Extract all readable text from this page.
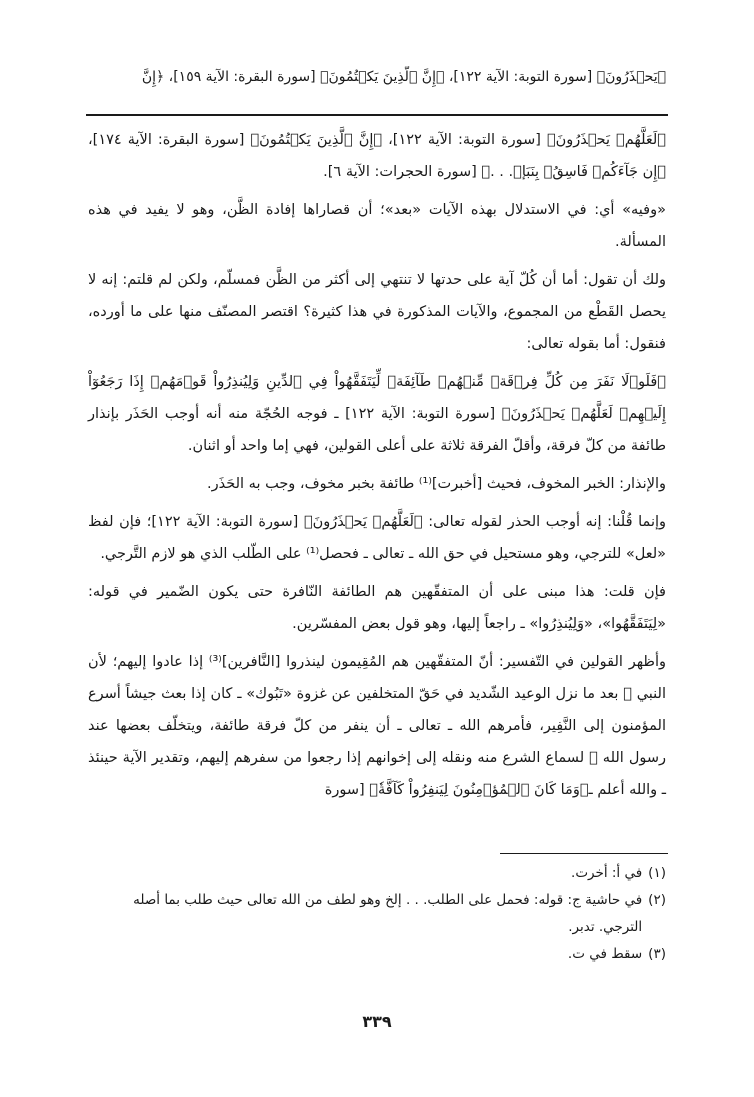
﴿يَحۡذَرُونَ﴾ [سورة التوبة: الآية ١٢٢]، ﴿إِنَّ ٱلَّذِينَ يَكۡتُمُونَ﴾ [سورة البقرة: الآية ١٥٩]، ﴿إِنَّ

﴿لَعَلَّهُمۡ يَحۡذَرُونَ﴾ [سورة التوبة: الآية ١٢٢]، ﴿إِنَّ ٱلَّذِينَ يَكۡتُمُونَ﴾ [سورة البقرة: الآية ١٧٤]، ﴿إِن جَآءَكُمۡ فَاسِقُۢ بِنَبَإٖ. . .﴾ [سورة الحجرات: الآية ٦].

«وفيه» أي: في الاستدلال بهذه الآيات «بعد»؛ أن قصاراها إفادة الظَّن، وهو لا يفيد في هذه المسألة.

ولك أن تقول: أما أن كُلّ آية على حدتها لا تنتهي إلى أكثر من الظَّن فمسلّم، ولكن لم قلتم: إنه لا يحصل القَطْع من المجموع، والآيات المذكورة في هذا كثيرة؟ اقتصر المصنّف منها على ما أورده، فنقول: أما بقوله تعالى:

﴿فَلَوۡلَا نَفَرَ مِن كُلِّ فِرۡقَةٖ مِّنۡهُمۡ طَآئِفَةٞ لِّيَتَفَقَّهُواْ فِي ٱلدِّينِ وَلِيُنذِرُواْ قَوۡمَهُمۡ إِذَا رَجَعُوٓاْ إِلَيۡهِمۡ لَعَلَّهُمۡ يَحۡذَرُونَ﴾ [سورة التوبة: الآية ١٢٢] ـ فوجه الحُجّة منه أنه أوجب الحَذَر بإنذار طائفة من كلّ فرقة، وأقلّ الفرقة ثلاثة على أعلى القولين، فهي إما واحد أو اثنان.

والإنذار: الخبر المخوف، فحيث [أخبرت]⁽¹⁾ طائفة بخبر مخوف، وجب به الحَذَر.

وإنما قُلْنا: إنه أوجب الحذر لقوله تعالى: ﴿لَعَلَّهُمۡ يَحۡذَرُونَ﴾ [سورة التوبة: الآية ١٢٢]؛ فإن لفظ «لعل» للترجي، وهو مستحيل في حق الله ـ تعالى ـ فحصل⁽¹⁾ على الطّلب الذي هو لازم التَّرجي.

فإن قلت: هذا مبنى على أن المتفقّهين هم الطائفة النّافرة حتى يكون الضّمير في قوله: «لِيَتَفَقَّهُوا»، «وَلِيُنذِرُوا» ـ راجعاً إليها، وهو قول بعض المفسّرين.

وأظهر القولين في التّفسير: أنّ المتفقّهين هم المُقِيمون لينذروا [النَّافرين]⁽³⁾ إذا عادوا إليهم؛ لأن النبي ﷺ بعد ما نزل الوعيد الشّديد في حَقّ المتخلفين عن غزوة «تَبُوك» ـ كان إذا بعث جيشاً أسرع المؤمنون إلى النَّفِير، فأمرهم الله ـ تعالى ـ أن ينفر من كلّ فرقة طائفة، ويتخلّف بعضها عند رسول الله ﷺ لسماع الشرع منه ونقله إلى إخوانهم إذا رجعوا من سفرهم إليهم، وتقدير الآية حينئذ ـ والله أعلم ـ﴿وَمَا كَانَ ٱلۡمُؤۡمِنُونَ لِيَنفِرُواْ كَآفَّةٗ﴾ [سورة

(١)
في أ: أخرت.
(٢)
في حاشية ج: قوله: فحمل على الطلب. . . إلخ وهو لطف من الله تعالى حيث طلب بما أصله الترجي. تدبر.
(٣)
سقط في ت.
٣٣٩
